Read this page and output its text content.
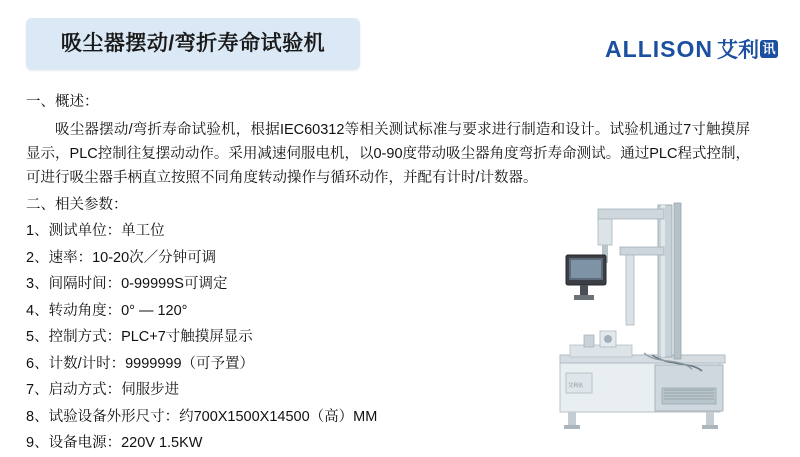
吸尘器摆动/弯折寿命试验机	ALLISON 艾利 讯
一、概述：

吸尘器摆动/弯折寿命试验机，根据IEC60312等相关测试标准与要求进行制造和设计。试验机通过7寸触摸屏显示，PLC控制往复摆动动作。采用减速伺服电机，以0-90度带动吸尘器角度弯折寿命测试。通过PLC程式控制，可进行吸尘器手柄直立按照不同角度转动操作与循环动作，并配有计时/计数器。

二、相关参数：
1、测试单位：单工位
2、速率：10-20次／分钟可调
3、间隔时间：0-99999S可调定
4、转动角度：0° — 120°
5、控制方式：PLC+7寸触摸屏显示
6、计数/计时：9999999（可予置）
7、启动方式：伺服步进
8、试验设备外形尺寸：约700X1500X14500（高）MM
9、设备电源：220V 1.5KW
艾利讯
